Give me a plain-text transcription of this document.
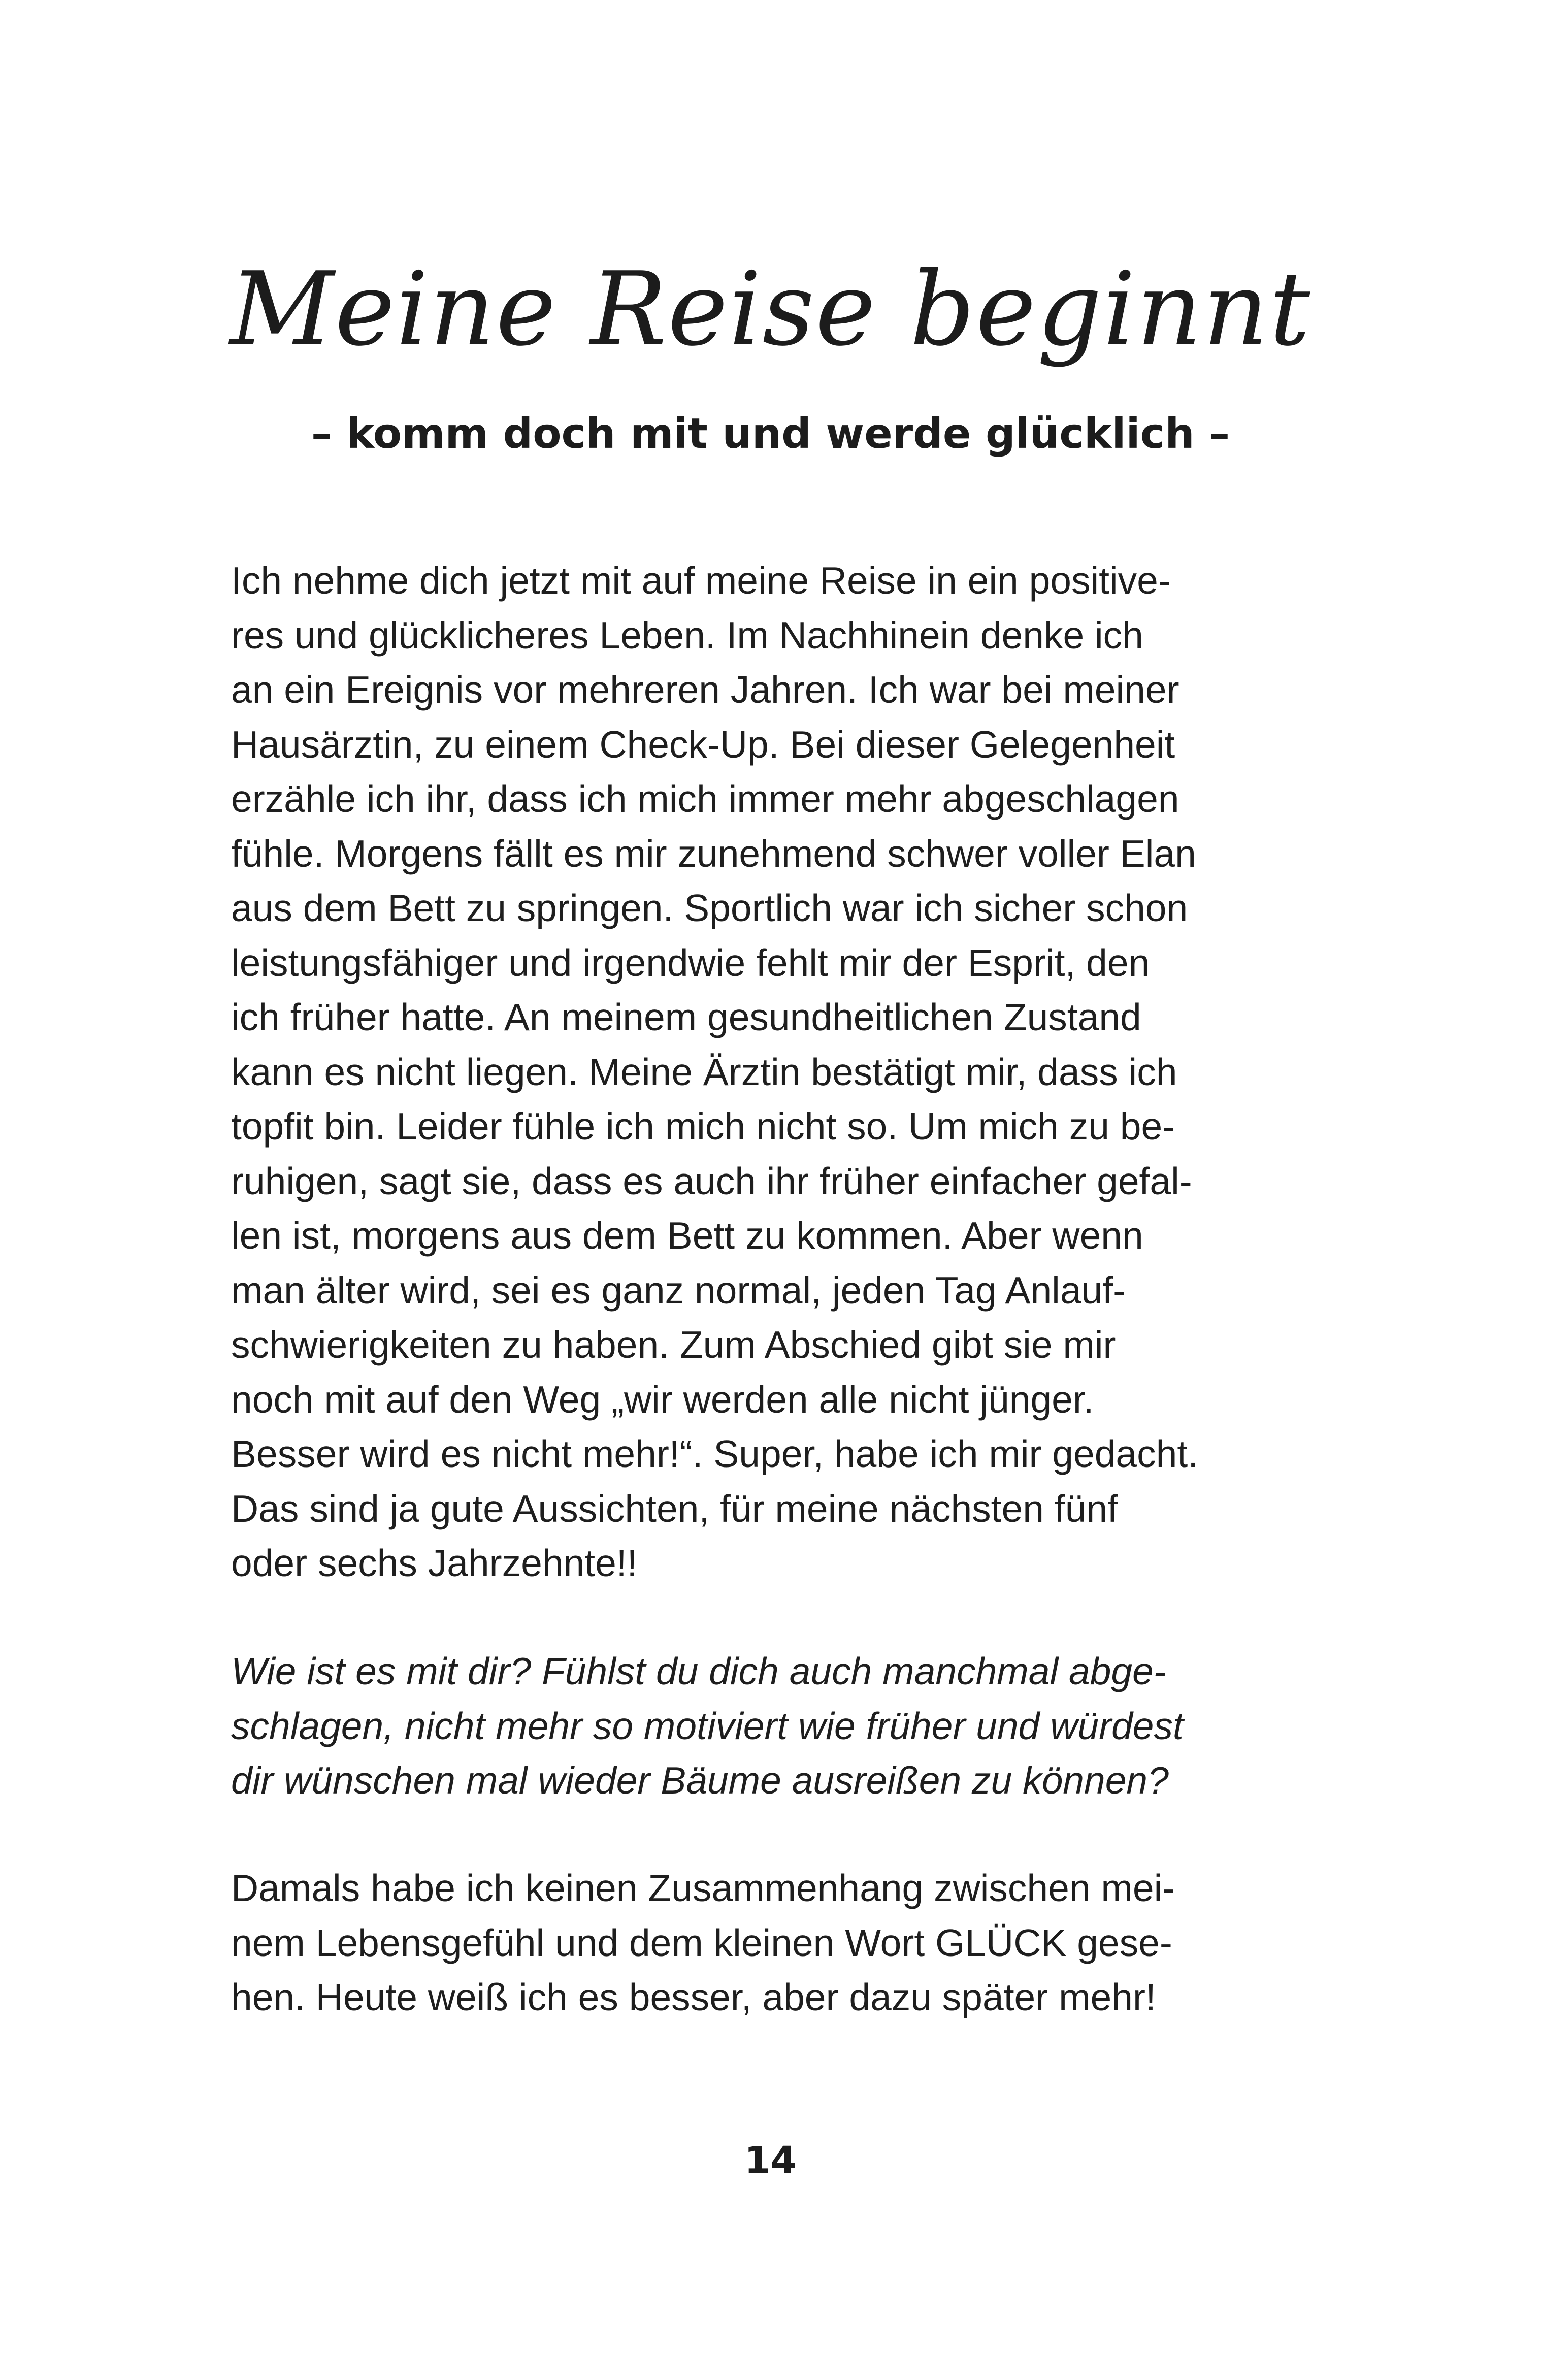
Meine Reise beginnt
– komm doch mit und werde glücklich –
Ich nehme dich jetzt mit auf meine Reise in ein positive-
res und glücklicheres Leben. Im Nachhinein denke ich
an ein Ereignis vor mehreren Jahren. Ich war bei meiner
Hausärztin, zu einem Check-Up. Bei dieser Gelegenheit
erzähle ich ihr, dass ich mich immer mehr abgeschlagen
fühle. Morgens fällt es mir zunehmend schwer voller Elan
aus dem Bett zu springen. Sportlich war ich sicher schon
leistungsfähiger und irgendwie fehlt mir der Esprit, den
ich früher hatte. An meinem gesundheitlichen Zustand
kann es nicht liegen. Meine Ärztin bestätigt mir, dass ich
topfit bin. Leider fühle ich mich nicht so. Um mich zu be-
ruhigen, sagt sie, dass es auch ihr früher einfacher gefal-
len ist, morgens aus dem Bett zu kommen. Aber wenn
man älter wird, sei es ganz normal, jeden Tag Anlauf-
schwierigkeiten zu haben. Zum Abschied gibt sie mir
noch mit auf den Weg „wir werden alle nicht jünger.
Besser wird es nicht mehr!“. Super, habe ich mir gedacht.
Das sind ja gute Aussichten, für meine nächsten fünf
oder sechs Jahrzehnte!!
Wie ist es mit dir? Fühlst du dich auch manchmal abge-
schlagen, nicht mehr so motiviert wie früher und würdest
dir wünschen mal wieder Bäume ausreißen zu können?
Damals habe ich keinen Zusammenhang zwischen mei-
nem Lebensgefühl und dem kleinen Wort GLÜCK gese-
hen. Heute weiß ich es besser, aber dazu später mehr!
14
